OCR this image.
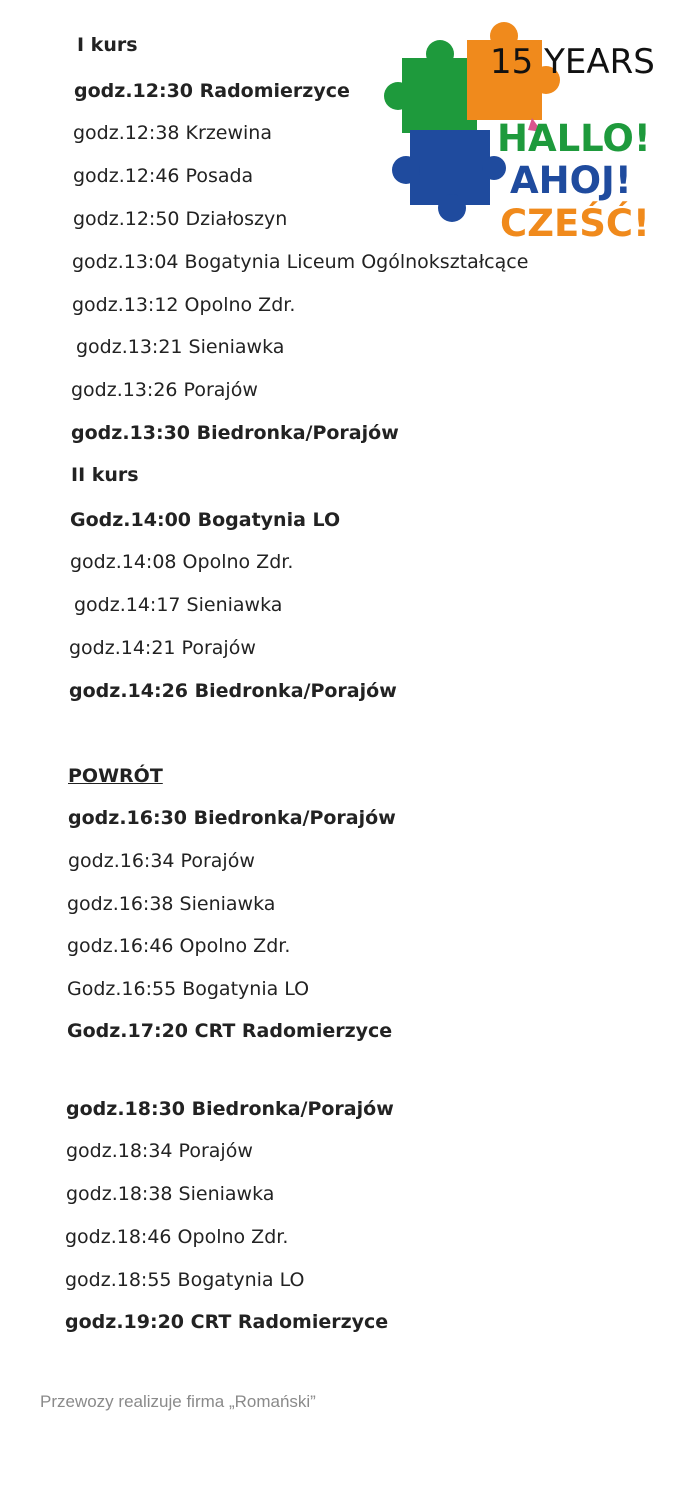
15 YEARS
HALLO!
AHOJ!
CZEŚĆ!

I kurs

godz.12:30 Radomierzyce

godz.12:38 Krzewina

godz.12:46 Posada

godz.12:50 Działoszyn

godz.13:04 Bogatynia Liceum Ogólnokształcące

godz.13:12 Opolno Zdr.

godz.13:21 Sieniawka

godz.13:26 Porajów

godz.13:30 Biedronka/Porajów

II kurs

Godz.14:00 Bogatynia LO

godz.14:08 Opolno Zdr.

godz.14:17 Sieniawka

godz.14:21 Porajów

godz.14:26 Biedronka/Porajów

POWRÓT

godz.16:30 Biedronka/Porajów

godz.16:34 Porajów

godz.16:38 Sieniawka

godz.16:46 Opolno Zdr.

Godz.16:55 Bogatynia LO

Godz.17:20 CRT Radomierzyce

godz.18:30 Biedronka/Porajów

godz.18:34 Porajów

godz.18:38 Sieniawka

godz.18:46 Opolno Zdr.

godz.18:55 Bogatynia LO

godz.19:20 CRT Radomierzyce

Przewozy realizuje firma „Romański”
